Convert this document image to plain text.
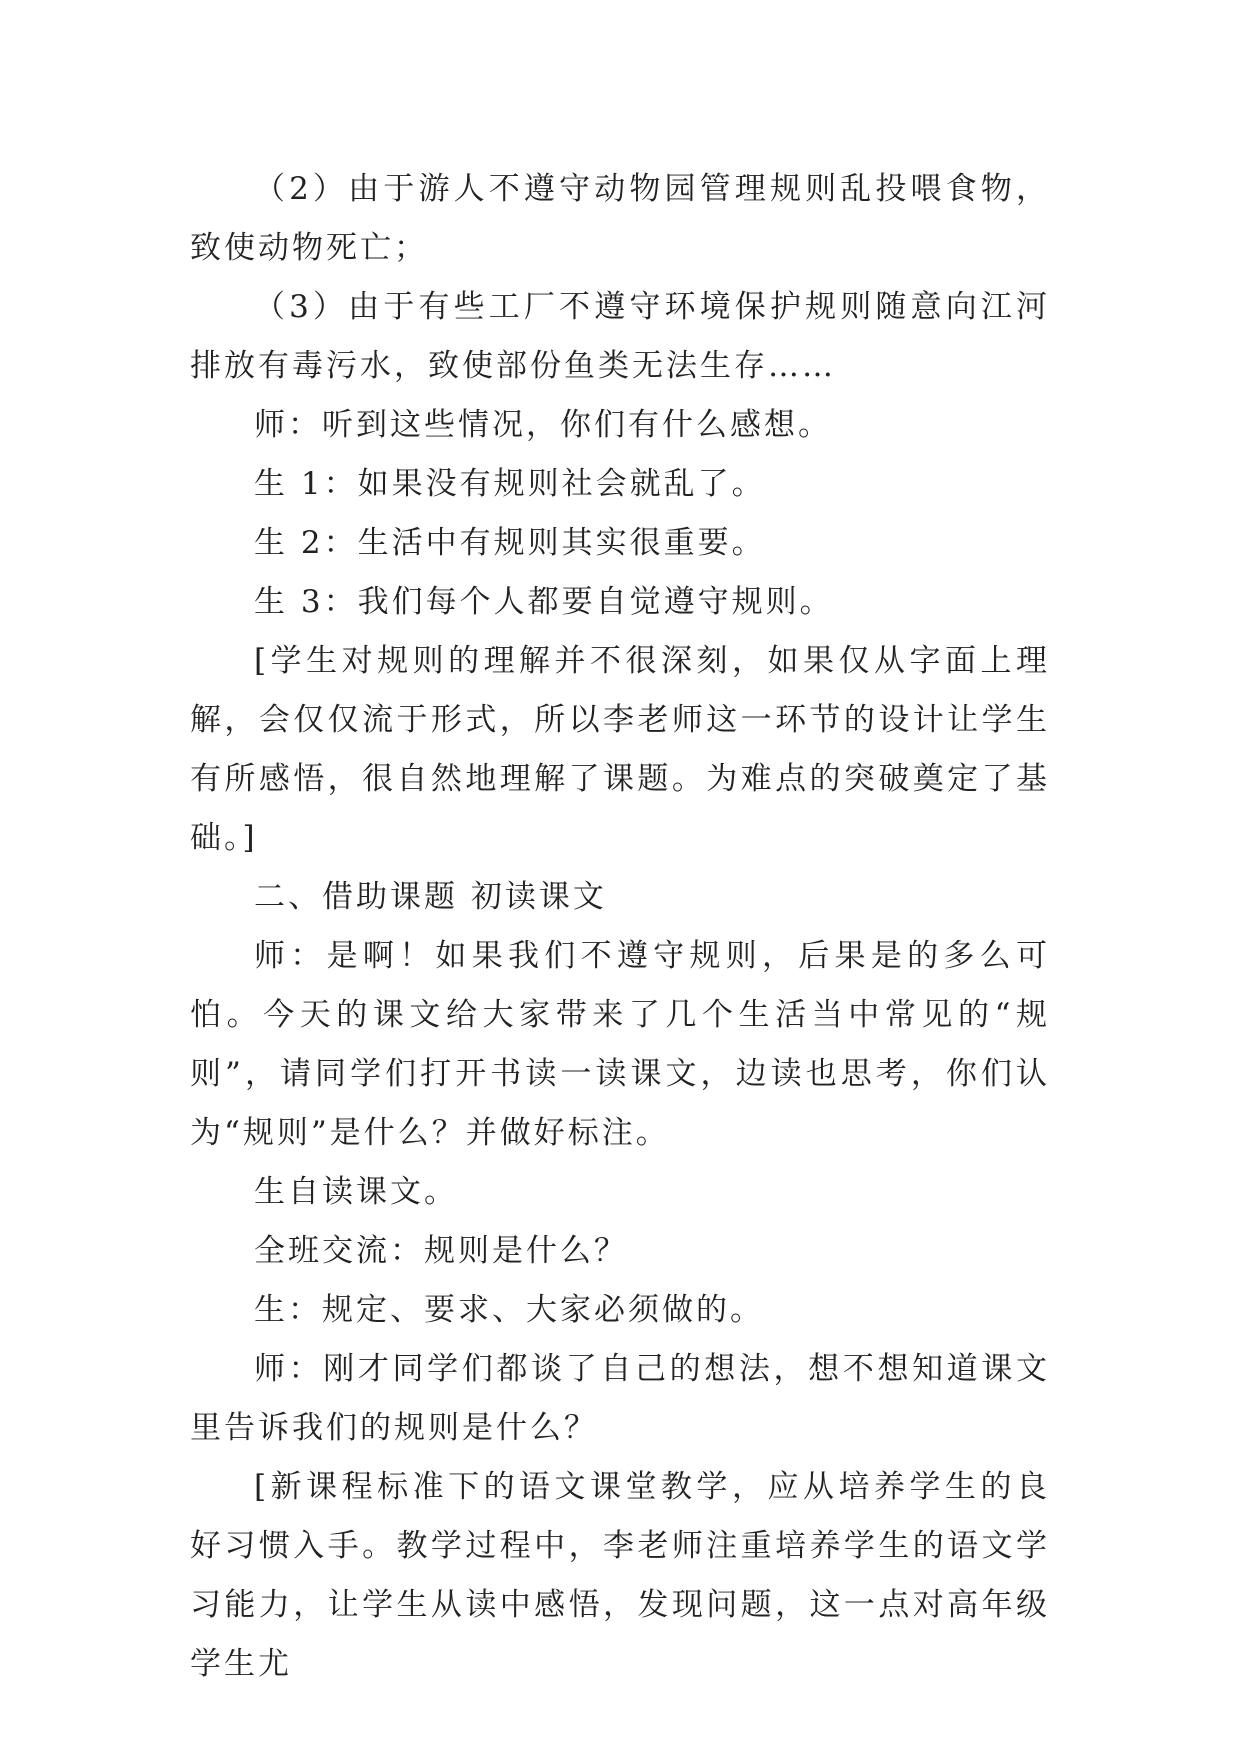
（2）由于游人不遵守动物园管理规则乱投喂食物，致使动物死亡；

（3）由于有些工厂不遵守环境保护规则随意向江河排放有毒污水，致使部份鱼类无法生存……

师：听到这些情况，你们有什么感想。

生 1：如果没有规则社会就乱了。

生 2：生活中有规则其实很重要。

生 3：我们每个人都要自觉遵守规则。

[学生对规则的理解并不很深刻，如果仅从字面上理解，会仅仅流于形式，所以李老师这一环节的设计让学生有所感悟，很自然地理解了课题。为难点的突破奠定了基础。]

二、借助课题 初读课文

师：是啊！如果我们不遵守规则，后果是的多么可怕。今天的课文给大家带来了几个生活当中常见的“规则”，请同学们打开书读一读课文，边读也思考，你们认为“规则”是什么？并做好标注。

生自读课文。

全班交流：规则是什么？

生：规定、要求、大家必须做的。

师：刚才同学们都谈了自己的想法，想不想知道课文里告诉我们的规则是什么？

[新课程标准下的语文课堂教学，应从培养学生的良好习惯入手。教学过程中，李老师注重培养学生的语文学习能力，让学生从读中感悟，发现问题，这一点对高年级学生尤
